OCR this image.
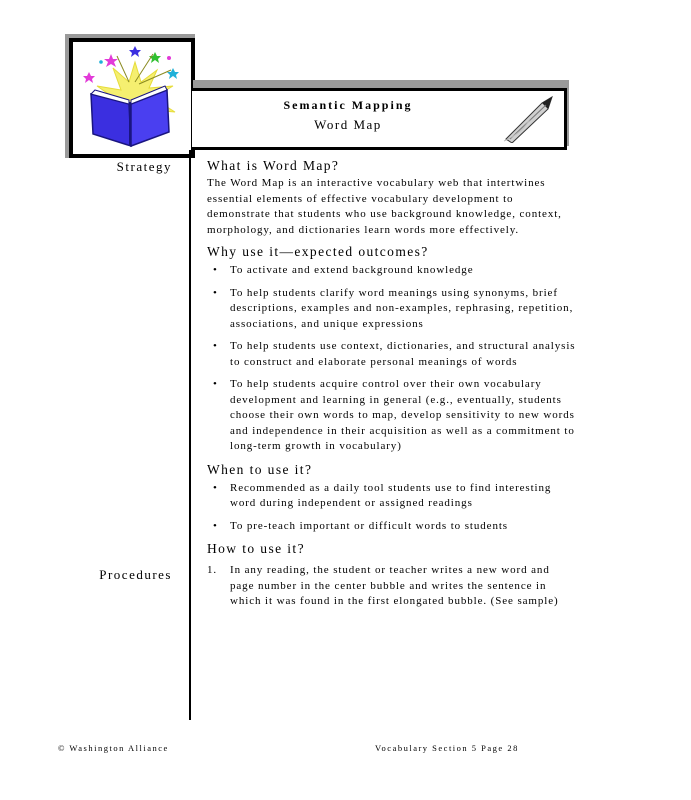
Semantic Mapping
Word Map
Strategy
Procedures

What is Word Map?

The Word Map is an interactive vocabulary web that intertwines essential elements of effective vocabulary development to demonstrate that students who use background knowledge, context, morphology, and dictionaries learn words more effectively.

Why use it—expected outcomes?

• To activate and extend background knowledge
• To help students clarify word meanings using synonyms, brief descriptions, examples and non-examples, rephrasing, repetition, associations, and unique expressions
• To help students use context, dictionaries, and structural analysis to construct and elaborate personal meanings of words
• To help students acquire control over their own vocabulary development and learning in general (e.g., eventually, students choose their own words to map, develop sensitivity to new words and independence in their acquisition as well as a commitment to long-term growth in vocabulary)

When to use it?

• Recommended as a daily tool students use to find interesting word during independent or assigned readings
• To pre-teach important or difficult words to students

How to use it?

1. In any reading, the student or teacher writes a new word and page number in the center bubble and writes the sentence in which it was found in the first elongated bubble. (See sample)
© Washington Alliance	Vocabulary Section 5 Page 28
